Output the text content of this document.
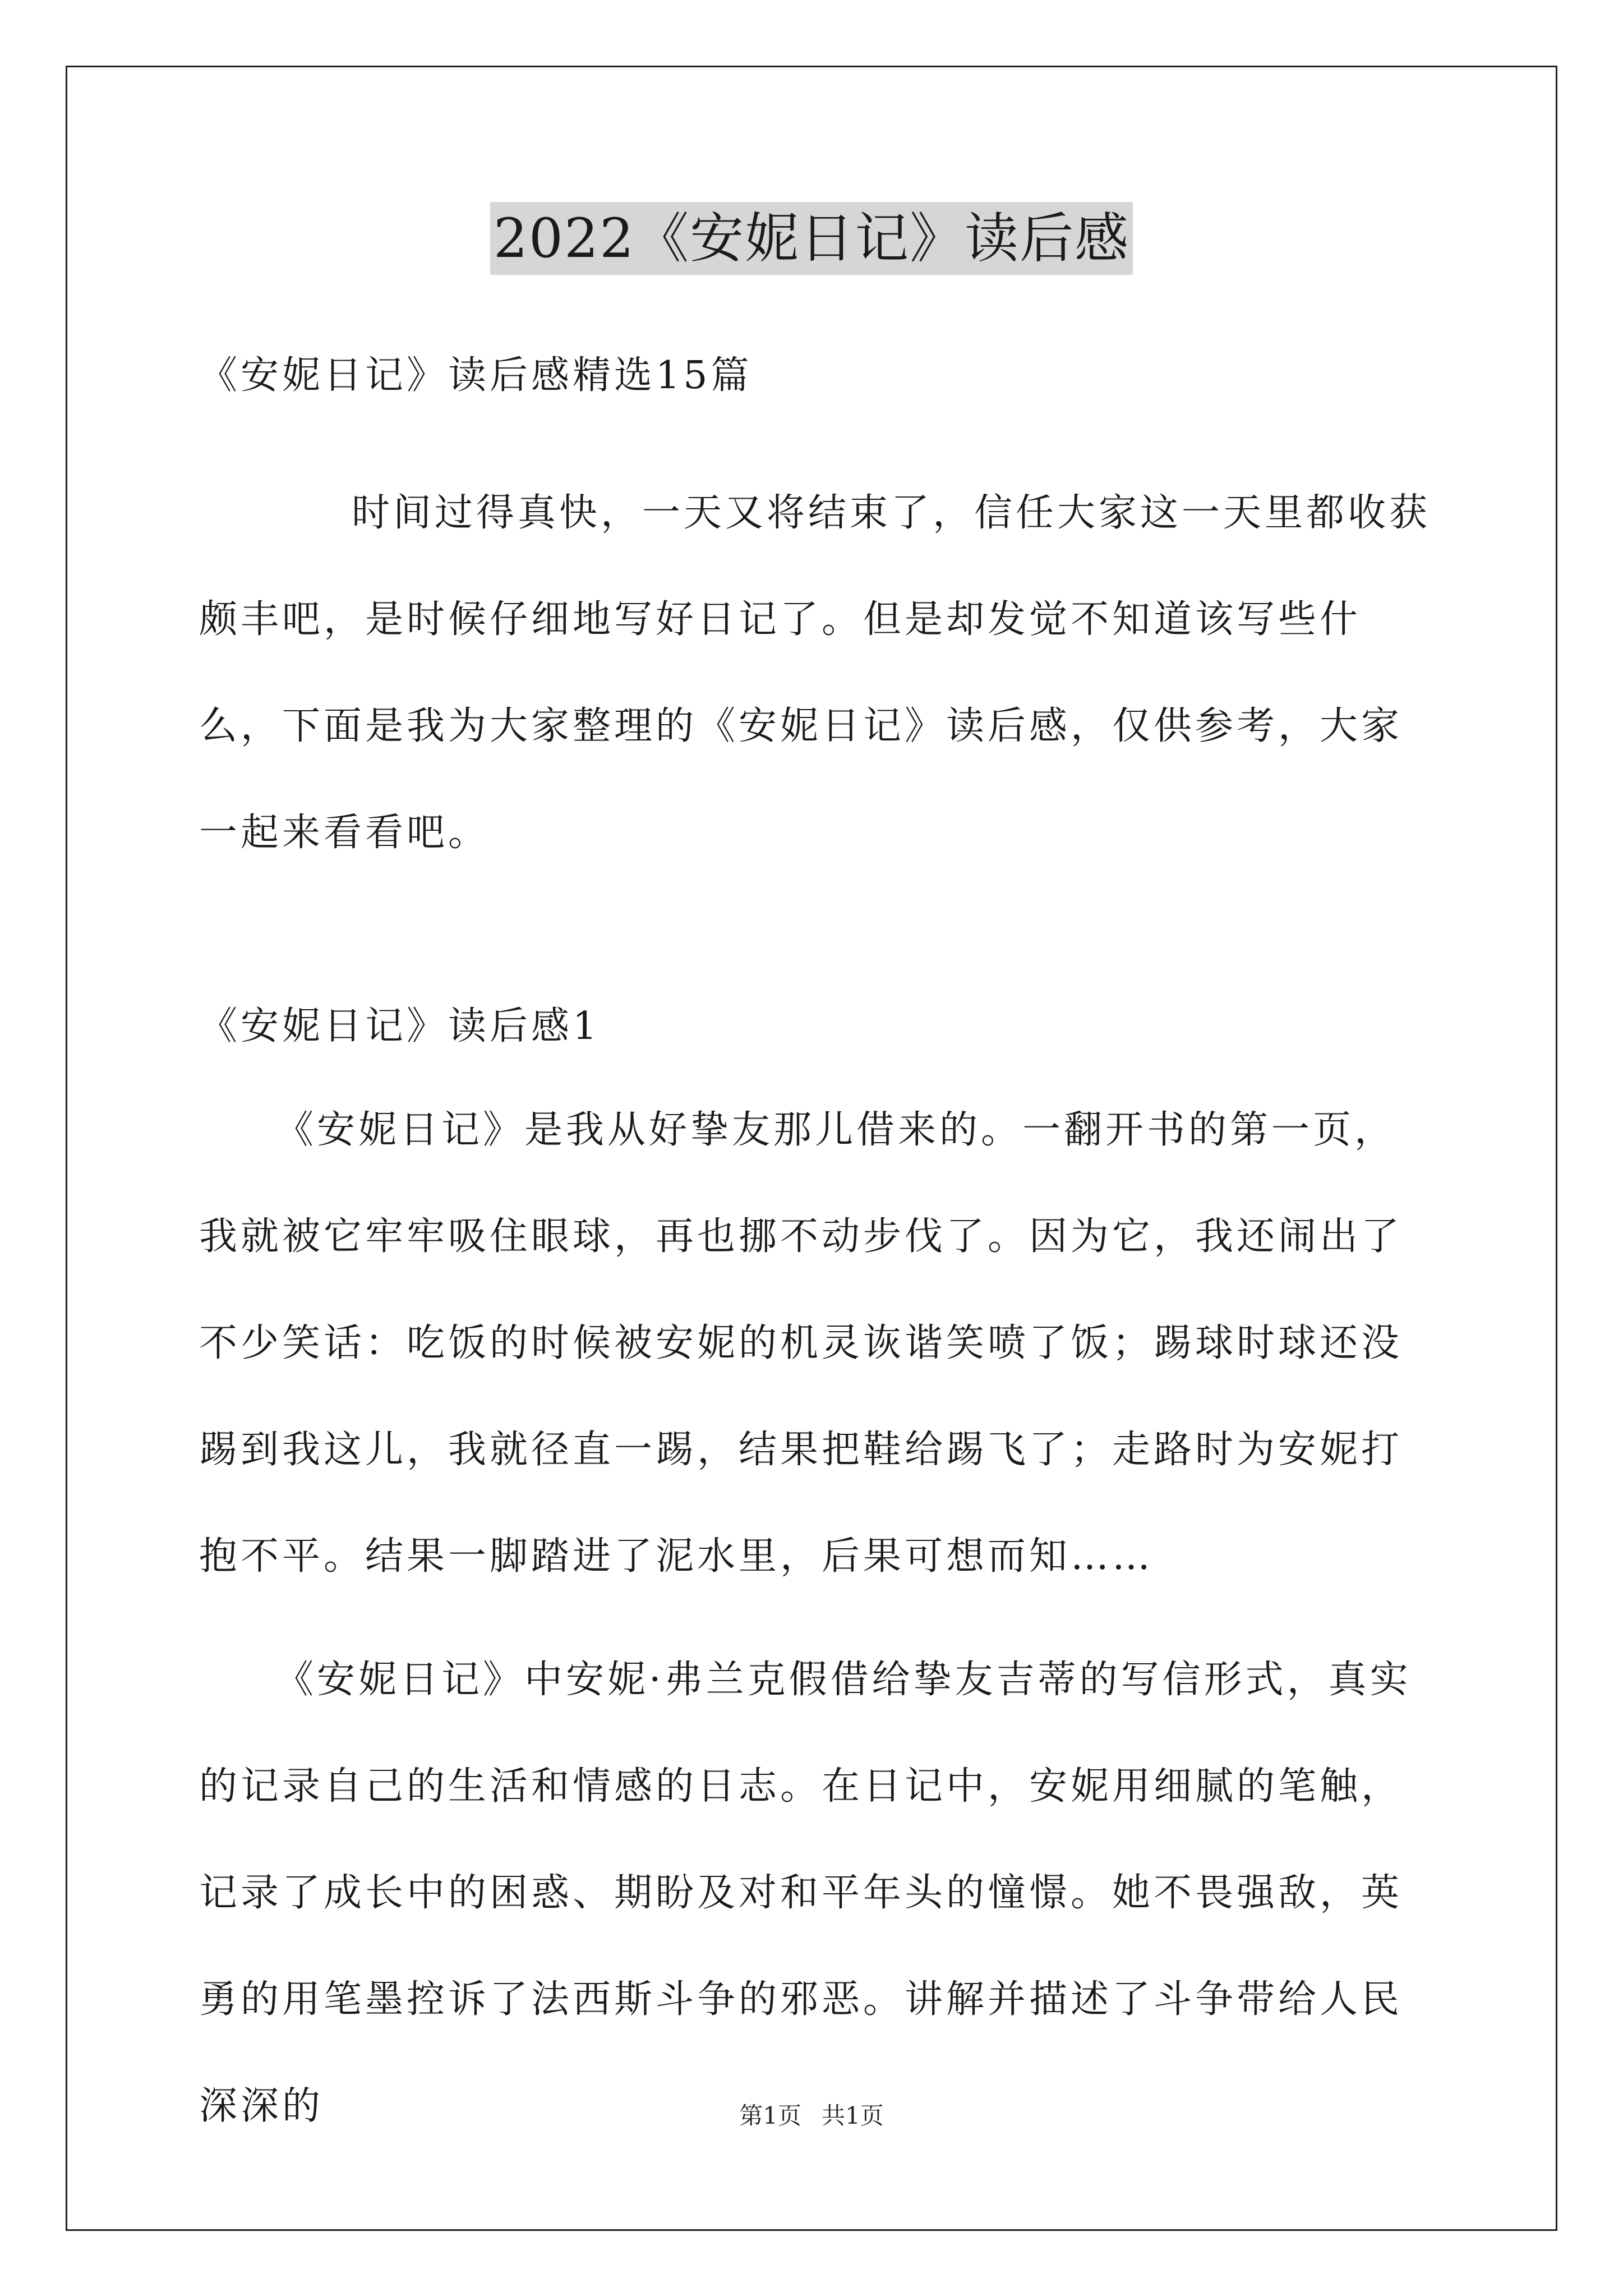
2022《安妮日记》读后感
《安妮日记》读后感精选15篇
时间过得真快，一天又将结束了，信任大家这一天里都收获颇丰吧，是时候仔细地写好日记了。但是却发觉不知道该写些什么，下面是我为大家整理的《安妮日记》读后感，仅供参考，大家一起来看看吧。
《安妮日记》读后感1
《安妮日记》是我从好挚友那儿借来的。一翻开书的第一页，我就被它牢牢吸住眼球，再也挪不动步伐了。因为它，我还闹出了不少笑话：吃饭的时候被安妮的机灵诙谐笑喷了饭；踢球时球还没踢到我这儿，我就径直一踢，结果把鞋给踢飞了；走路时为安妮打抱不平。结果一脚踏进了泥水里，后果可想而知……
《安妮日记》中安妮·弗兰克假借给挚友吉蒂的写信形式，真实的记录自己的生活和情感的日志。在日记中，安妮用细腻的笔触，记录了成长中的困惑、期盼及对和平年头的憧憬。她不畏强敌，英勇的用笔墨控诉了法西斯斗争的邪恶。讲解并描述了斗争带给人民深深的	第1页 共1页
